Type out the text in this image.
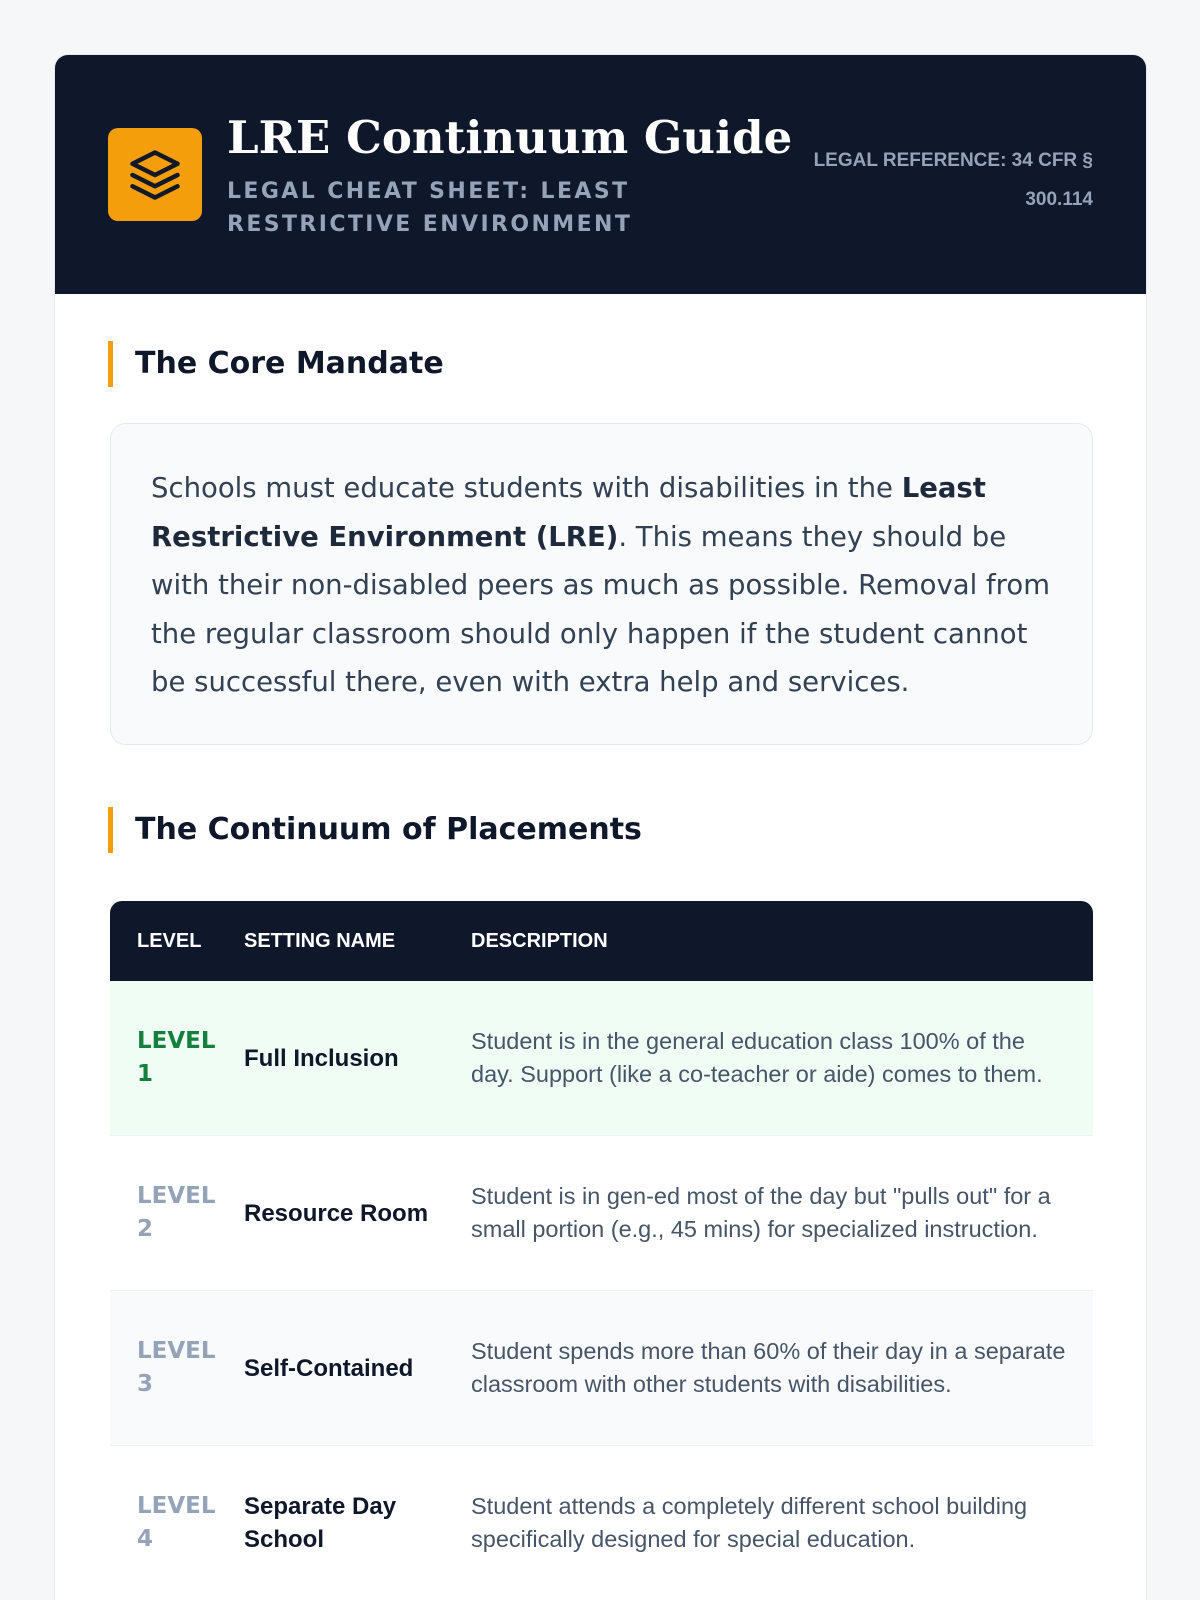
LRE Continuum Guide
LEGAL CHEAT SHEET: LEAST RESTRICTIVE ENVIRONMENT
LEGAL REFERENCE: 34 CFR § 300.114
The Core Mandate

Schools must educate students with disabilities in the Least Restrictive Environment (LRE). This means they should be with their non-disabled peers as much as possible. Removal from the regular classroom should only happen if the student cannot be successful there, even with extra help and services.

The Continuum of Placements
LEVEL	SETTING NAME	DESCRIPTION
LEVEL
1
Full Inclusion
Student is in the general education class 100% of the day. Support (like a co-teacher or aide) comes to them.
LEVEL
2
Resource Room
Student is in gen-ed most of the day but "pulls out" for a small portion (e.g., 45 mins) for specialized instruction.
LEVEL
3
Self-Contained
Student spends more than 60% of their day in a separate classroom with other students with disabilities.
LEVEL
4
Separate Day School
Student attends a completely different school building specifically designed for special education.
